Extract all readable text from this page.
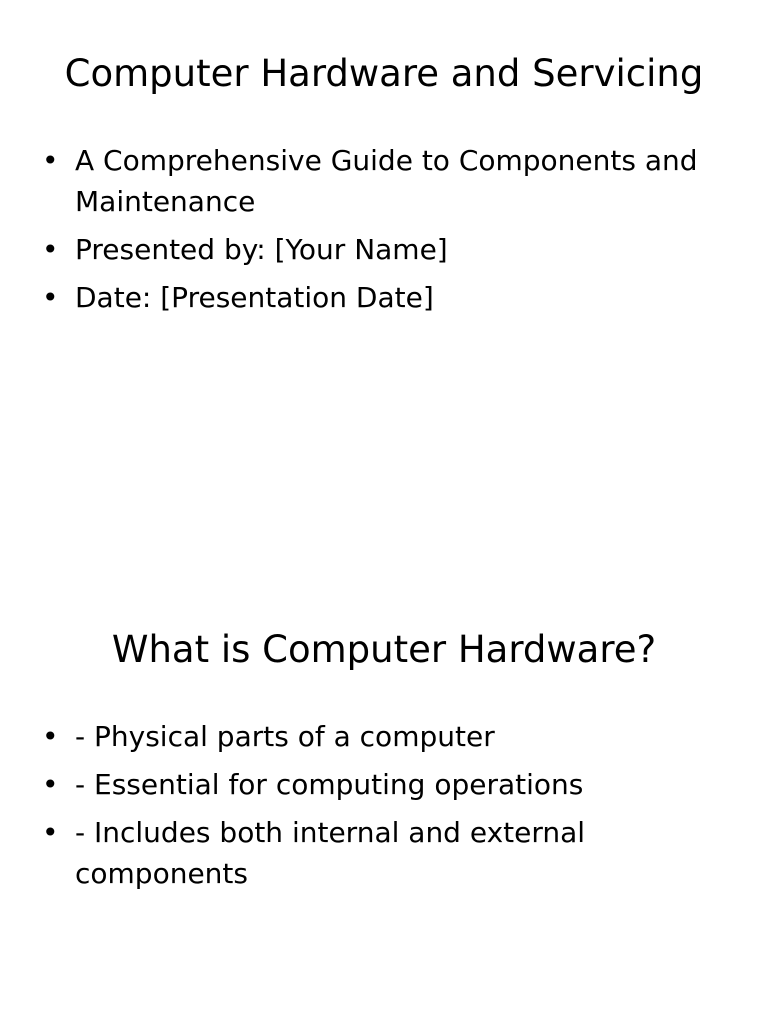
Computer Hardware and Servicing
• A Comprehensive Guide to Components and Maintenance
• Presented by: [Your Name]
• Date: [Presentation Date]
What is Computer Hardware?
• - Physical parts of a computer
• - Essential for computing operations
• - Includes both internal and external components
